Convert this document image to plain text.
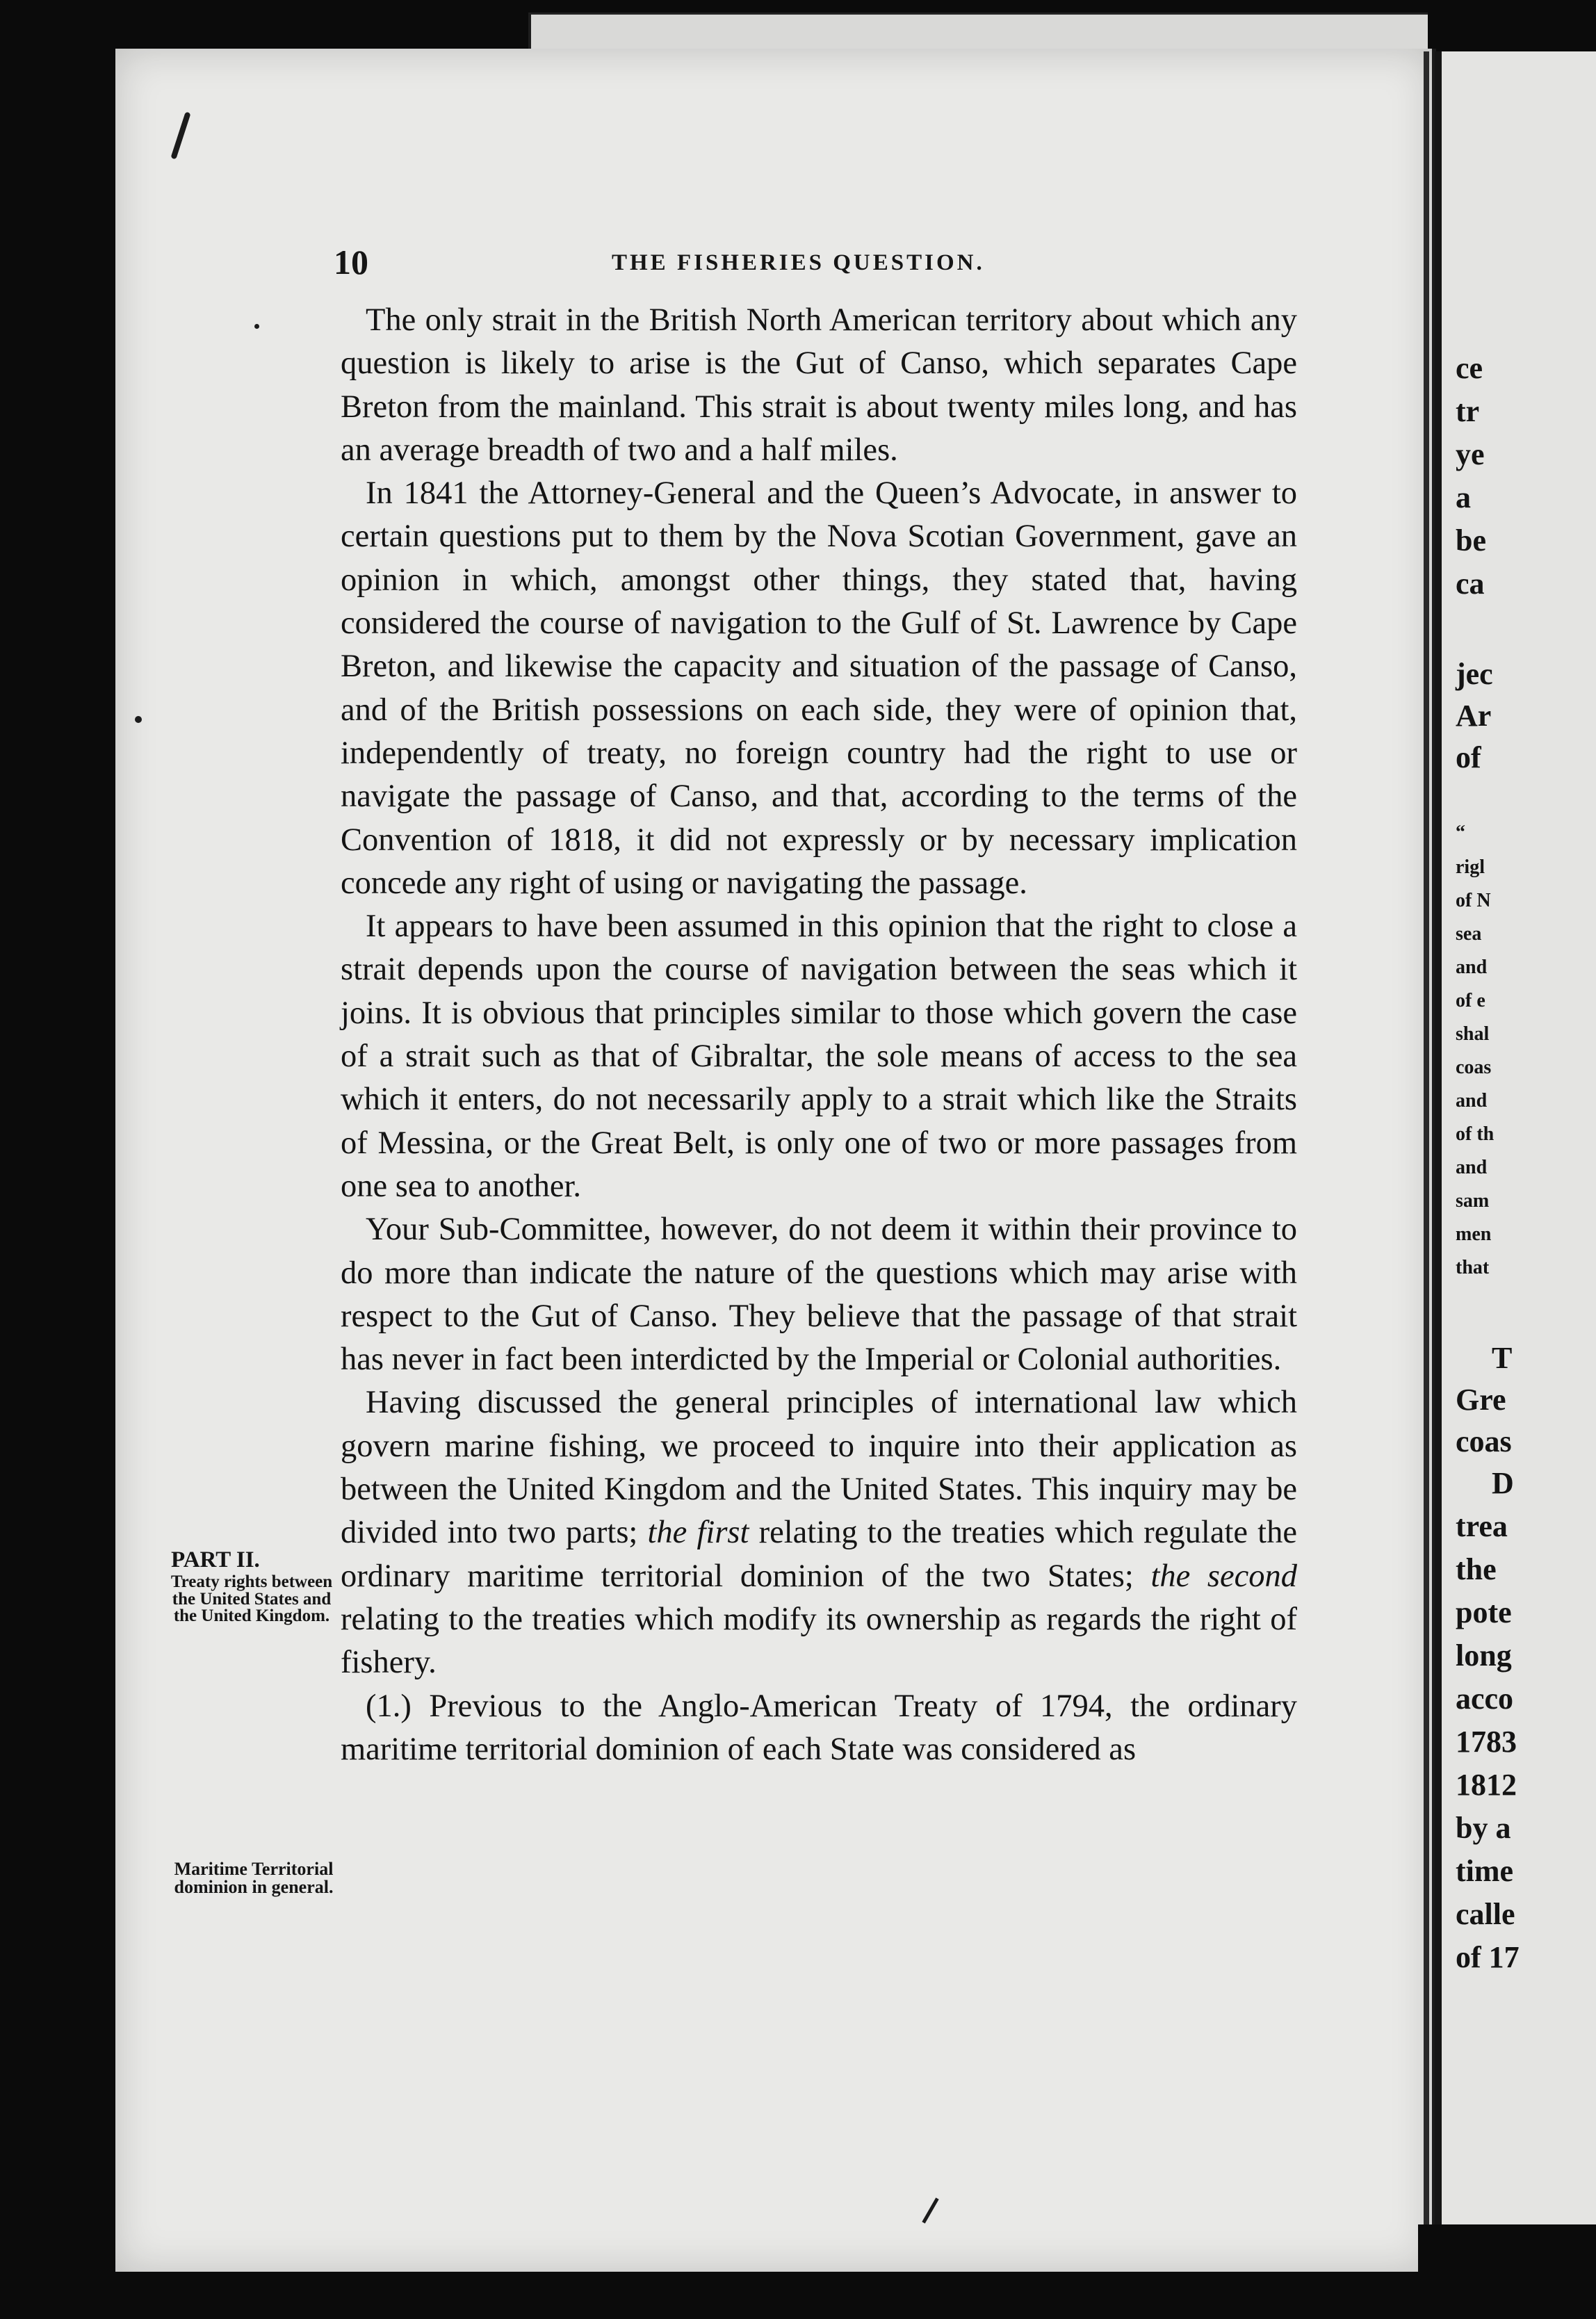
ce
tr
ye
a
be
ca
jec
Ar
of
“
rigl
of N
sea
and
of e
shal
coas
and
of th
and
sam
men
that
T
Gre
coas
D
trea
the
pote
long
acco
1783
1812
by a
time
calle
of 17
10	THE FISHERIES QUESTION.

The only strait in the British North American territory about which any question is likely to arise is the Gut of Canso, which separates Cape Breton from the mainland. This strait is about twenty miles long, and has an average breadth of two and a half miles.

In 1841 the Attorney-General and the Queen’s Advocate, in answer to certain questions put to them by the Nova Scotian Government, gave an opinion in which, amongst other things, they stated that, having considered the course of navigation to the Gulf of St. Lawrence by Cape Breton, and likewise the capacity and situation of the passage of Canso, and of the British possessions on each side, they were of opinion that, independently of treaty, no foreign country had the right to use or navigate the passage of Canso, and that, according to the terms of the Convention of 1818, it did not expressly or by necessary implication concede any right of using or navigating the passage.

It appears to have been assumed in this opinion that the right to close a strait depends upon the course of navigation between the seas which it joins. It is obvious that principles similar to those which govern the case of a strait such as that of Gibraltar, the sole means of access to the sea which it enters, do not necessarily apply to a strait which like the Straits of Messina, or the Great Belt, is only one of two or more passages from one sea to another.

Your Sub-Committee, however, do not deem it within their province to do more than indicate the nature of the questions which may arise with respect to the Gut of Canso. They believe that the passage of that strait has never in fact been interdicted by the Imperial or Colonial authorities.

Having discussed the general principles of international law which govern marine fishing, we proceed to inquire into their application as between the United Kingdom and the United States. This inquiry may be divided into two parts; the first relating to the treaties which regulate the ordinary maritime territorial dominion of the two States; the second relating to the treaties which modify its ownership as regards the right of fishery.

(1.) Previous to the Anglo-American Treaty of 1794, the ordinary maritime territorial dominion of each State was considered as

PART II.
Treaty rights between the United States and the United Kingdom.
Maritime Territorial dominion in general.
